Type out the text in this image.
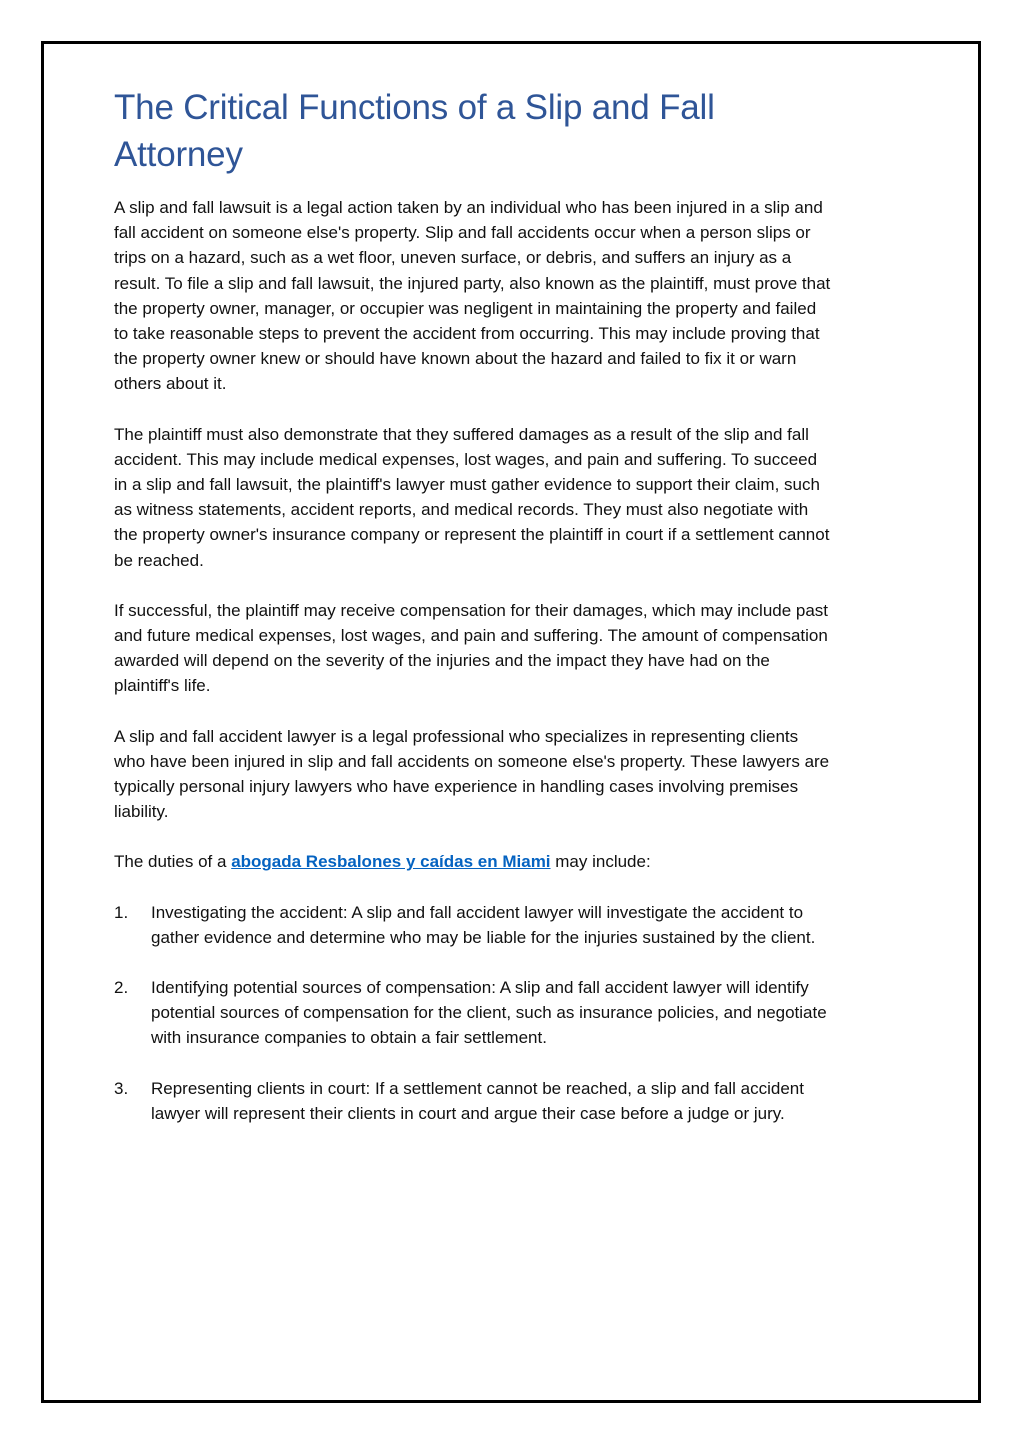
The Critical Functions of a Slip and Fall Attorney

A slip and fall lawsuit is a legal action taken by an individual who has been injured in a slip and fall accident on someone else's property. Slip and fall accidents occur when a person slips or trips on a hazard, such as a wet floor, uneven surface, or debris, and suffers an injury as a result. To file a slip and fall lawsuit, the injured party, also known as the plaintiff, must prove that the property owner, manager, or occupier was negligent in maintaining the property and failed to take reasonable steps to prevent the accident from occurring. This may include proving that the property owner knew or should have known about the hazard and failed to fix it or warn others about it.

The plaintiff must also demonstrate that they suffered damages as a result of the slip and fall accident. This may include medical expenses, lost wages, and pain and suffering. To succeed in a slip and fall lawsuit, the plaintiff's lawyer must gather evidence to support their claim, such as witness statements, accident reports, and medical records. They must also negotiate with the property owner's insurance company or represent the plaintiff in court if a settlement cannot be reached.

If successful, the plaintiff may receive compensation for their damages, which may include past and future medical expenses, lost wages, and pain and suffering. The amount of compensation awarded will depend on the severity of the injuries and the impact they have had on the plaintiff's life.

A slip and fall accident lawyer is a legal professional who specializes in representing clients who have been injured in slip and fall accidents on someone else's property. These lawyers are typically personal injury lawyers who have experience in handling cases involving premises liability.

The duties of a abogada Resbalones y caídas en Miami may include:

1. Investigating the accident: A slip and fall accident lawyer will investigate the accident to gather evidence and determine who may be liable for the injuries sustained by the client.
2. Identifying potential sources of compensation: A slip and fall accident lawyer will identify potential sources of compensation for the client, such as insurance policies, and negotiate with insurance companies to obtain a fair settlement.
3. Representing clients in court: If a settlement cannot be reached, a slip and fall accident lawyer will represent their clients in court and argue their case before a judge or jury.
